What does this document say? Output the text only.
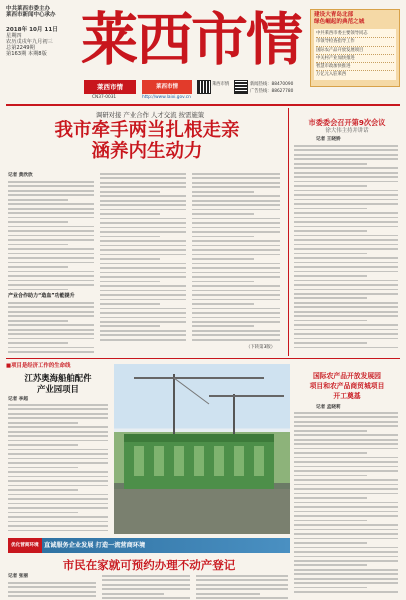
中共莱西市委主办
莱西市新闻中心承办
2018年 10月 11日
星期四
农历戊戌年九月初三
总第2249期
第163期 本期8版 莱西市情	建设大青岛北部
绿色崛起的典范之城
中共莱西市委主要领导同志
市领导检查指导工作
国际农产品开放发展项目
中关村产业加快推进
智慧市政加快推进
万亿元入驻莱西
莱西市情
CN37-0031
莱西市情
http://www.laixi.gov.cn
莱西市情	新闻热线：88470090
广告热线：88627780
调研对接 产业合作 人才交流 按需施策
我市牵手两当扎根走亲
涵养内生动力
记者 黄欣欣
产业合作助力“造血”功能提升
（下转第3版）
市委委会召开第9次会议
徐大伟主持并讲话
记者 王晓娇
■项目是经济工作的生命线
江苏奥海船舶配件
产业园项目
记者 李超
国际农产品开放发展园
项目和农产品商贸城项目
开工奠基
记者 孟晓莉
优化营商环境 直诚服务企业发展 打造一流营商环境
市民在家就可预约办理不动产登记
记者 张丽
